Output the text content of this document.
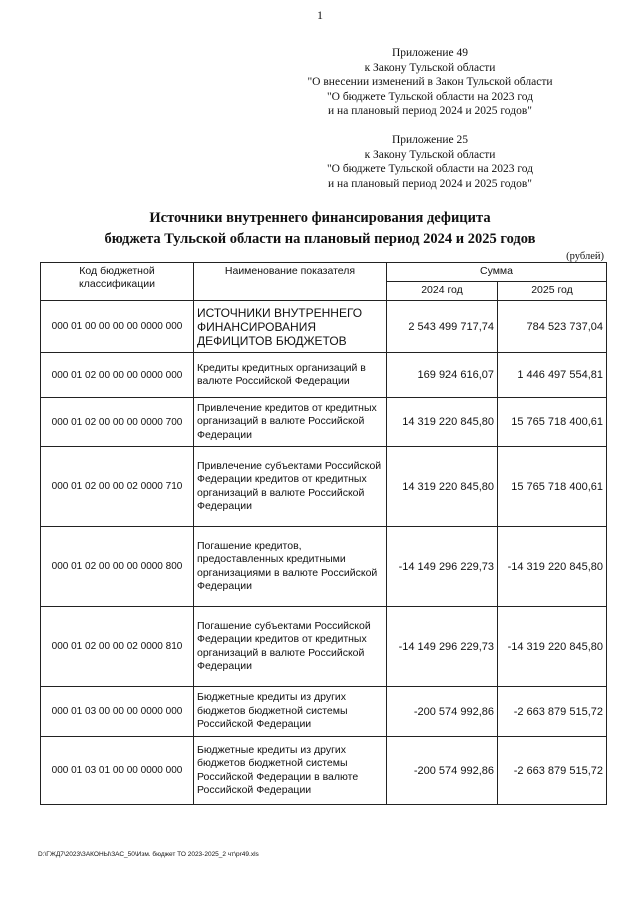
1
Приложение 49
к Закону Тульской области
"О внесении изменений в Закон Тульской области
"О бюджете Тульской области на 2023 год
и на плановый период 2024 и 2025 годов"
Приложение 25
к Закону Тульской области
"О бюджете Тульской области на 2023 год
и на плановый период 2024 и 2025 годов"
Источники внутреннего финансирования дефицита
бюджета Тульской области на плановый период 2024 и 2025 годов
(рублей)
Код бюджетной классификации	Наименование показателя	Сумма	
		2024 год	2025 год
000 01 00 00 00 00 0000 000	ИСТОЧНИКИ ВНУТРЕННЕГО ФИНАНСИРОВАНИЯ ДЕФИЦИТОВ БЮДЖЕТОВ	2 543 499 717,74	784 523 737,04
000 01 02 00 00 00 0000 000	Кредиты кредитных организаций в валюте Российской Федерации	169 924 616,07	1 446 497 554,81
000 01 02 00 00 00 0000 700	Привлечение кредитов от кредитных организаций в валюте Российской Федерации	14 319 220 845,80	15 765 718 400,61
000 01 02 00 00 02 0000 710	Привлечение субъектами Российской Федерации кредитов от кредитных организаций в валюте Российской Федерации	14 319 220 845,80	15 765 718 400,61
000 01 02 00 00 00 0000 800	Погашение кредитов, предоставленных кредитными организациями в валюте Российской Федерации	-14 149 296 229,73	-14 319 220 845,80
000 01 02 00 00 02 0000 810	Погашение субъектами Российской Федерации кредитов от кредитных организаций в валюте Российской Федерации	-14 149 296 229,73	-14 319 220 845,80
000 01 03 00 00 00 0000 000	Бюджетные кредиты из других бюджетов бюджетной системы Российской Федерации	-200 574 992,86	-2 663 879 515,72
000 01 03 01 00 00 0000 000	Бюджетные кредиты из других бюджетов бюджетной системы Российской Федерации в валюте Российской Федерации	-200 574 992,86	-2 663 879 515,72
D:\ГЖД7\2023\ЗАКОНЫ\ЗАС_50\Изм. бюджет ТО 2023-2025_2 чт\pr49.xls
